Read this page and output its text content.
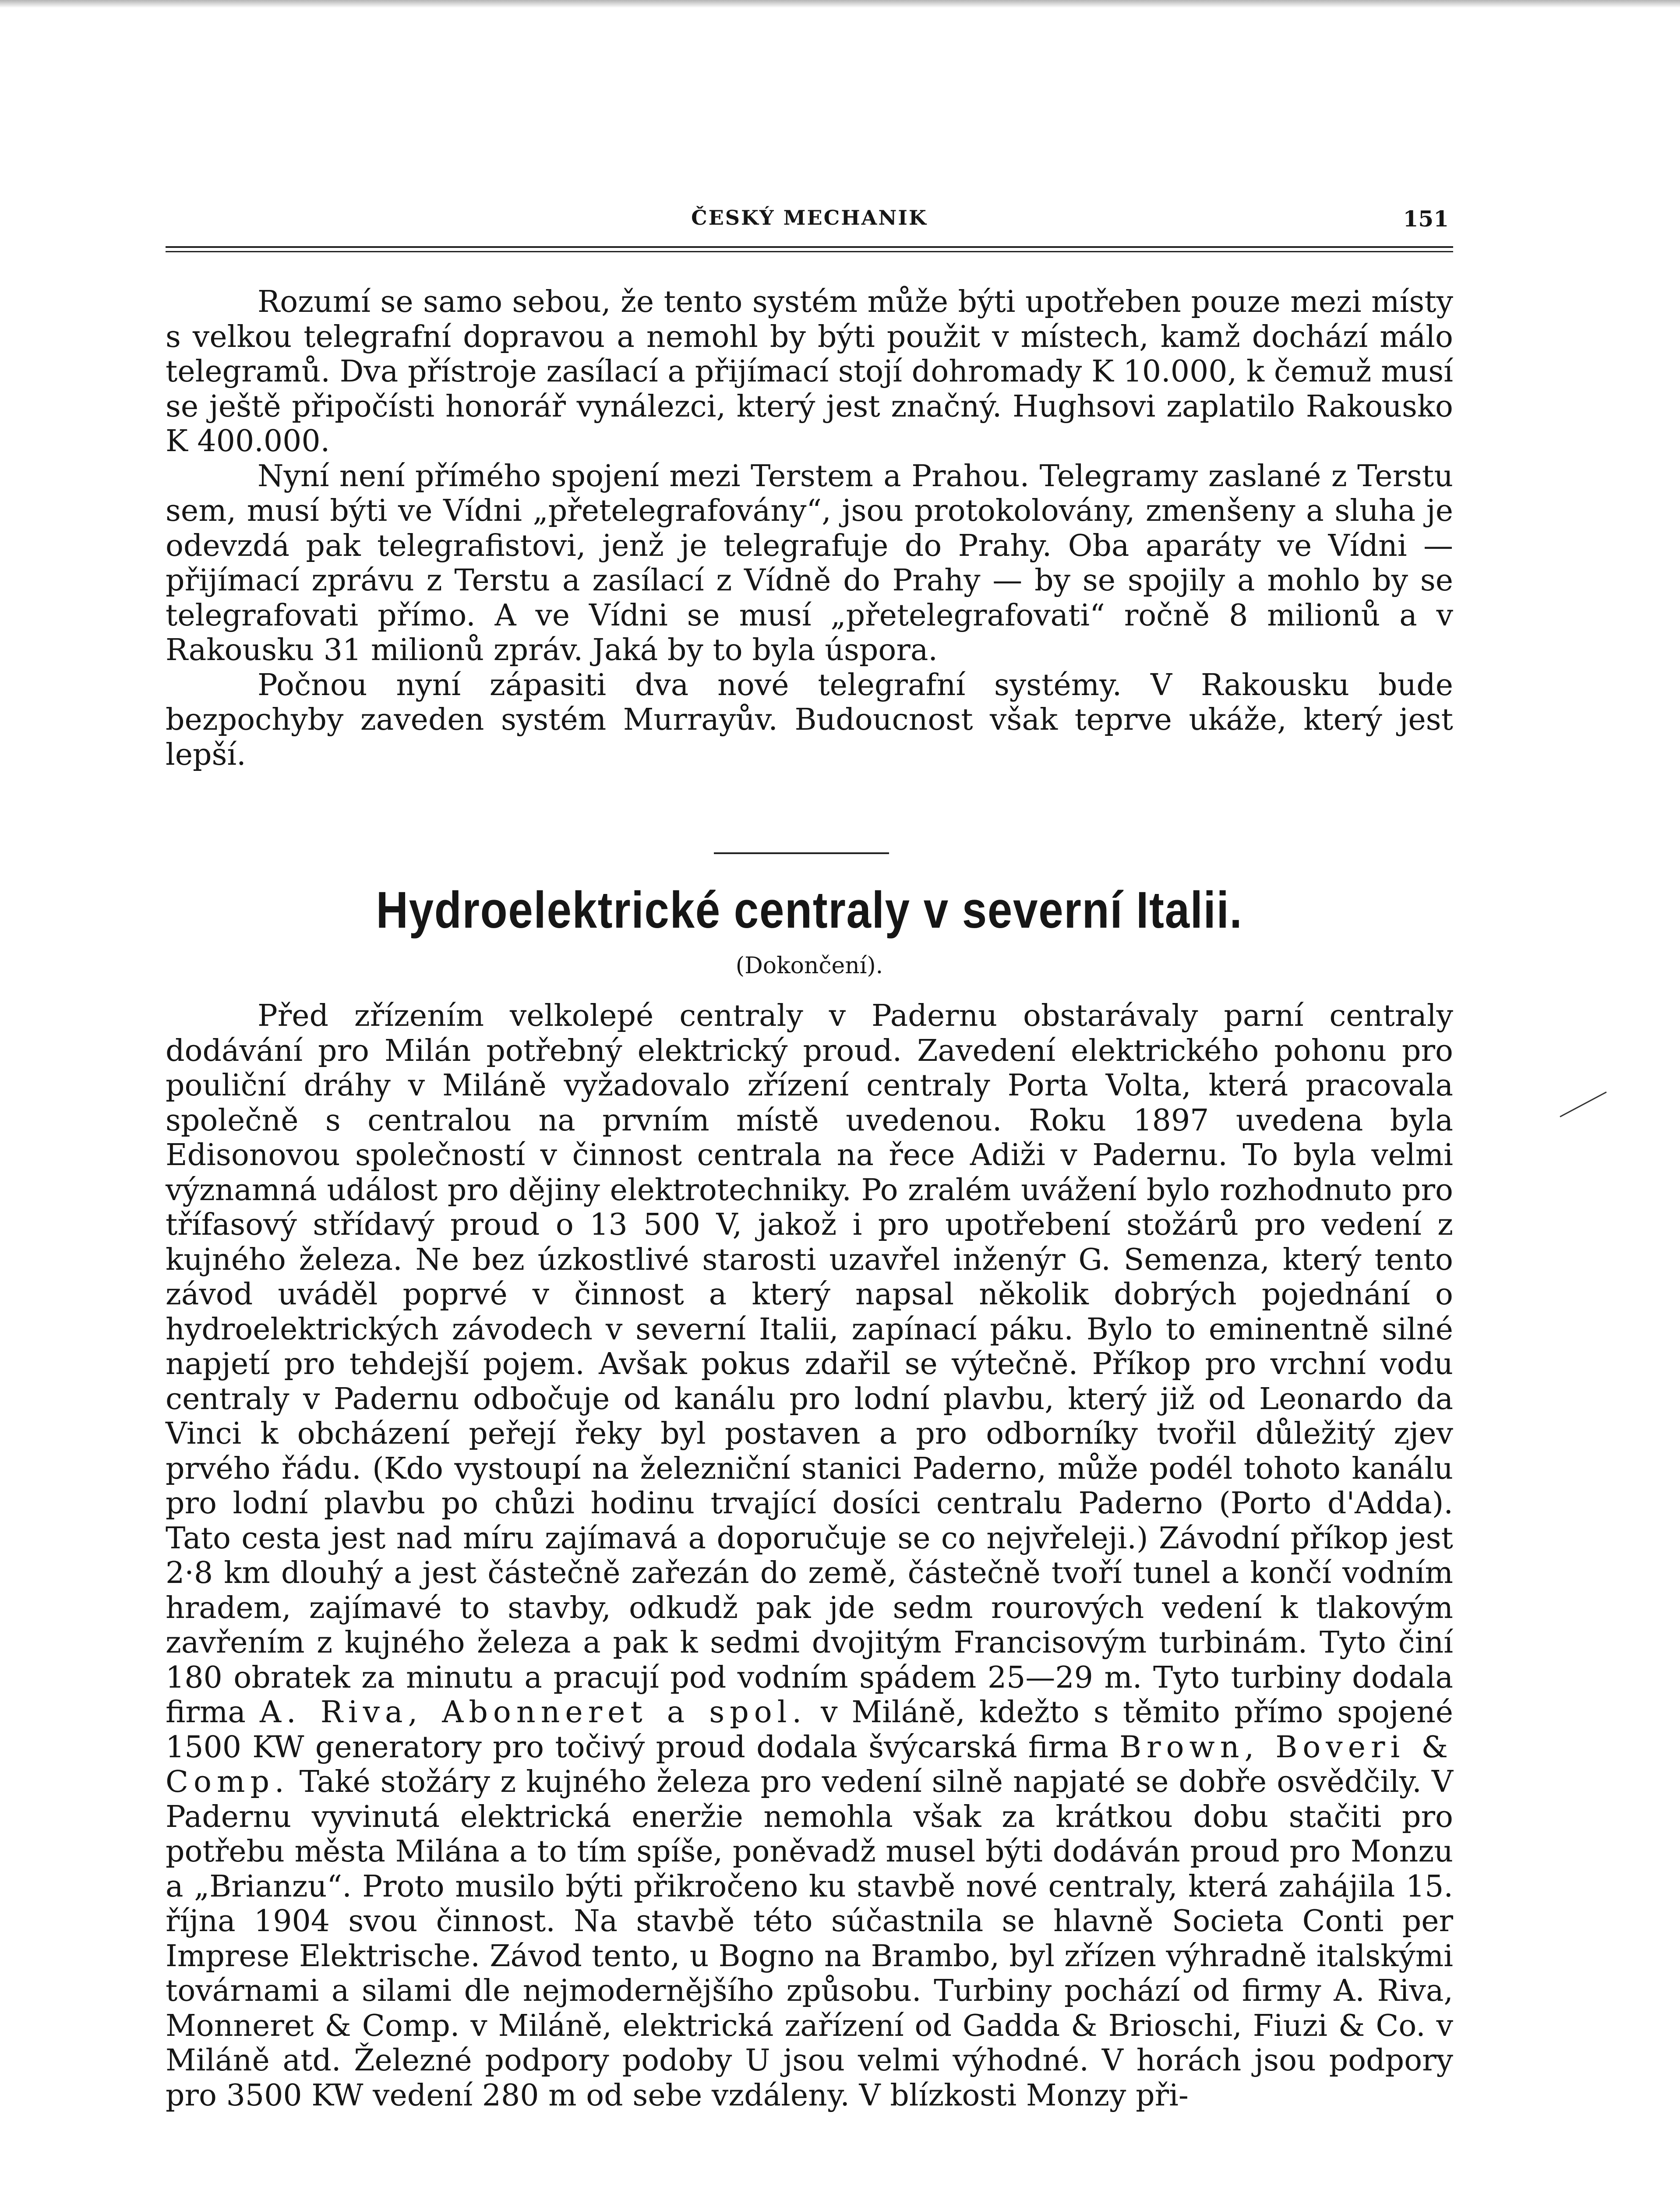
ČESKÝ MECHANIK	151

Rozumí se samo sebou, že tento systém může býti upotřeben pouze mezi místy s velkou telegrafní dopravou a nemohl by býti použit v místech, kamž dochází málo telegramů. Dva přístroje zasílací a přijímací stojí dohromady K 10.000, k čemuž musí se ještě připočísti honorář vynálezci, který jest značný. Hughsovi zaplatilo Rakousko K 400.000.

Nyní není přímého spojení mezi Terstem a Prahou. Telegramy zaslané z Terstu sem, musí býti ve Vídni „přetelegrafovány“, jsou protokolovány, zmenšeny a sluha je odevzdá pak telegrafistovi, jenž je telegrafuje do Prahy. Oba aparáty ve Vídni — přijímací zprávu z Terstu a zasílací z Vídně do Prahy — by se spojily a mohlo by se telegrafovati přímo. A ve Vídni se musí „přetelegrafovati“ ročně 8 milionů a v Rakousku 31 milionů zpráv. Jaká by to byla úspora.

Počnou nyní zápasiti dva nové telegrafní systémy. V Rakousku bude bezpochyby zaveden systém Murrayův. Budoucnost však teprve ukáže, který jest lepší.

Hydroelektrické centraly v severní Italii.
(Dokončení).

Před zřízením velkolepé centraly v Padernu obstarávaly parní centraly dodávání pro Milán potřebný elektrický proud. Zavedení elektrického pohonu pro pouliční dráhy v Miláně vyžadovalo zřízení centraly Porta Volta, která pracovala společně s centralou na prvním místě uvedenou. Roku 1897 uvedena byla Edisonovou společností v činnost centrala na řece Adiži v Padernu. To byla velmi významná událost pro dějiny elektrotechniky. Po zralém uvážení bylo rozhodnuto pro třífasový střídavý proud o 13 500 V, jakož i pro upotřebení stožárů pro vedení z kujného železa. Ne bez úzkostlivé starosti uzavřel inženýr G. Semenza, který tento závod uváděl poprvé v činnost a který napsal několik dobrých pojednání o hydroelektrických závodech v severní Italii, zapínací páku. Bylo to eminentně silné napjetí pro tehdejší pojem. Avšak pokus zdařil se výtečně. Příkop pro vrchní vodu centraly v Padernu odbočuje od kanálu pro lodní plavbu, který již od Leonardo da Vinci k obcházení peřejí řeky byl postaven a pro odborníky tvořil důležitý zjev prvého řádu. (Kdo vystoupí na železniční stanici Paderno, může podél tohoto kanálu pro lodní plavbu po chůzi hodinu trvající dosíci centralu Paderno (Porto d'Adda). Tato cesta jest nad míru zajímavá a doporučuje se co nejvřeleji.) Závodní příkop jest 2·8 km dlouhý a jest částečně zařezán do země, částečně tvoří tunel a končí vodním hradem, zajímavé to stavby, odkudž pak jde sedm rourových vedení k tlakovým zavřením z kujného železa a pak k sedmi dvojitým Francisovým turbinám. Tyto činí 180 obratek za minutu a pracují pod vodním spádem 25—29 m. Tyto turbiny dodala firma A. Riva, Abonneret a spol. v Miláně, kdežto s těmito přímo spojené 1500 KW generatory pro točivý proud dodala švýcarská firma Brown, Boveri & Comp. Také stožáry z kujného železa pro vedení silně napjaté se dobře osvědčily. V Padernu vyvinutá elektrická eneržie nemohla však za krátkou dobu stačiti pro potřebu města Milána a to tím spíše, poněvadž musel býti dodáván proud pro Monzu a „Brianzu“. Proto musilo býti přikročeno ku stavbě nové centraly, která zahájila 15. října 1904 svou činnost. Na stavbě této súčastnila se hlavně Societa Conti per Imprese Elektrische. Závod tento, u Bogno na Brambo, byl zřízen výhradně italskými továrnami a silami dle nejmodernějšího způsobu. Turbiny pochází od firmy A. Riva, Monneret & Comp. v Miláně, elektrická zařízení od Gadda & Brioschi, Fiuzi & Co. v Miláně atd. Železné podpory podoby U jsou velmi výhodné. V horách jsou podpory pro 3500 KW vedení 280 m od sebe vzdáleny. V blízkosti Monzy při-
